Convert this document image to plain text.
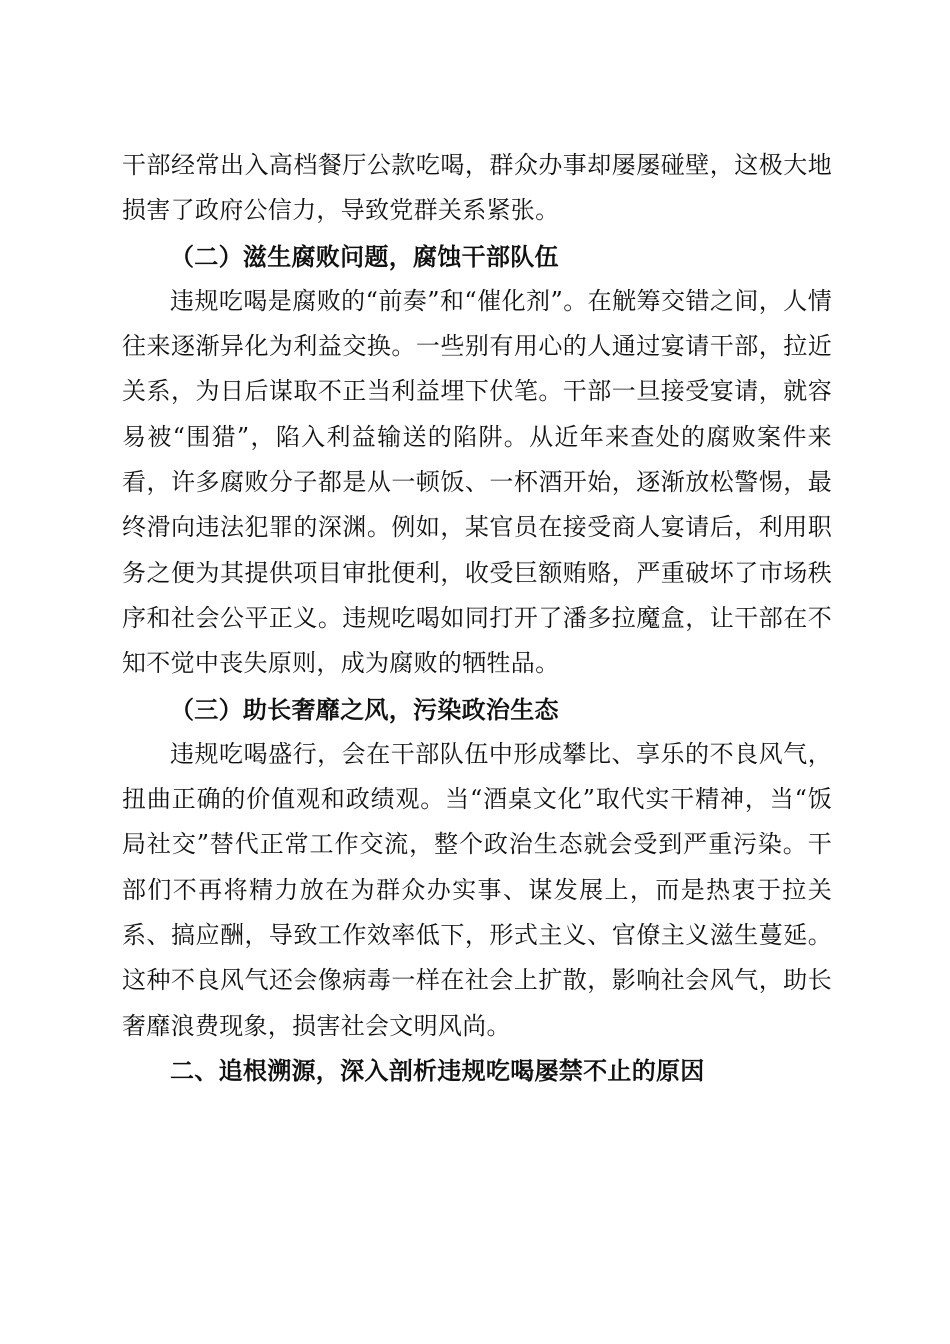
干部经常出入高档餐厅公款吃喝，群众办事却屡屡碰壁，这极大地损害了政府公信力，导致党群关系紧张。

（二）滋生腐败问题，腐蚀干部队伍

违规吃喝是腐败的“前奏”和“催化剂”。在觥筹交错之间，人情往来逐渐异化为利益交换。一些别有用心的人通过宴请干部，拉近关系，为日后谋取不正当利益埋下伏笔。干部一旦接受宴请，就容易被“围猎”，陷入利益输送的陷阱。从近年来查处的腐败案件来看，许多腐败分子都是从一顿饭、一杯酒开始，逐渐放松警惕，最终滑向违法犯罪的深渊。例如，某官员在接受商人宴请后，利用职务之便为其提供项目审批便利，收受巨额贿赂，严重破坏了市场秩序和社会公平正义。违规吃喝如同打开了潘多拉魔盒，让干部在不知不觉中丧失原则，成为腐败的牺牲品。

（三）助长奢靡之风，污染政治生态

违规吃喝盛行，会在干部队伍中形成攀比、享乐的不良风气，扭曲正确的价值观和政绩观。当“酒桌文化”取代实干精神，当“饭局社交”替代正常工作交流，整个政治生态就会受到严重污染。干部们不再将精力放在为群众办实事、谋发展上，而是热衷于拉关系、搞应酬，导致工作效率低下，形式主义、官僚主义滋生蔓延。这种不良风气还会像病毒一样在社会上扩散，影响社会风气，助长奢靡浪费现象，损害社会文明风尚。

二、追根溯源，深入剖析违规吃喝屡禁不止的原因
